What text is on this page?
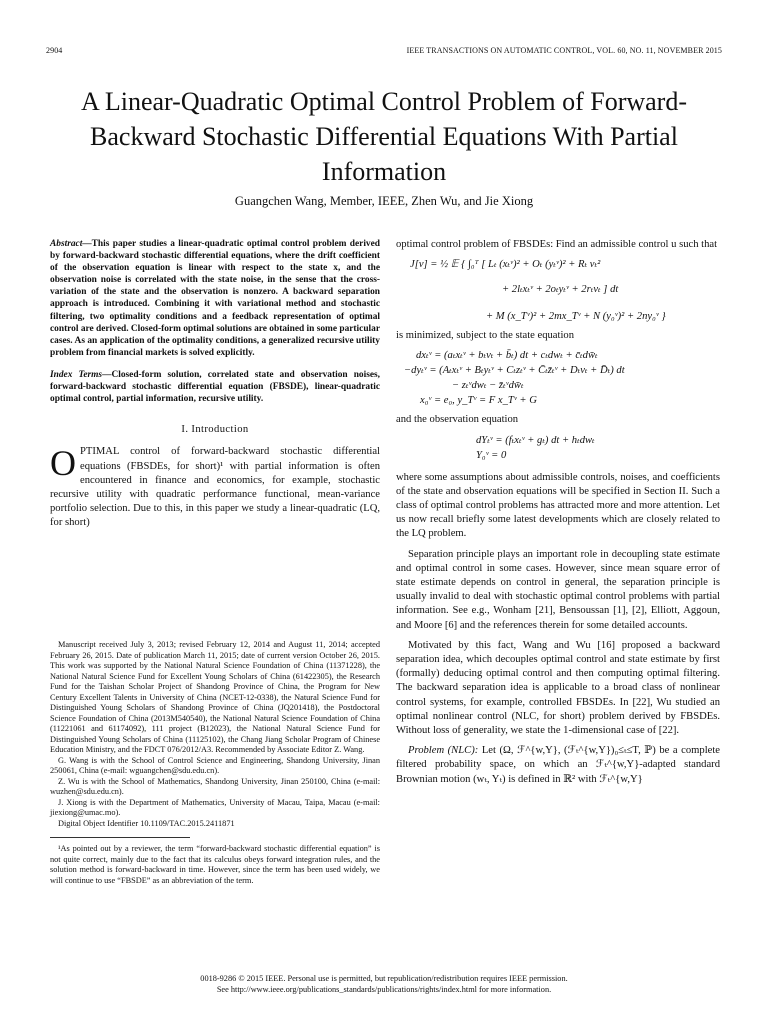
2904	IEEE TRANSACTIONS ON AUTOMATIC CONTROL, VOL. 60, NO. 11, NOVEMBER 2015
A Linear-Quadratic Optimal Control Problem of Forward-Backward Stochastic Differential Equations With Partial Information
Guangchen Wang, Member, IEEE, Zhen Wu, and Jie Xiong

Abstract—This paper studies a linear-quadratic optimal control problem derived by forward-backward stochastic differential equations, where the drift coefficient of the observation equation is linear with respect to the state x, and the observation noise is correlated with the state noise, in the sense that the cross-variation of the state and the observation is nonzero. A backward separation approach is introduced. Combining it with variational method and stochastic filtering, two optimality conditions and a feedback representation of optimal control are derived. Closed-form optimal solutions are obtained in some particular cases. As an application of the optimality conditions, a generalized recursive utility problem from financial markets is solved explicitly.

Index Terms—Closed-form solution, correlated state and observation noises, forward-backward stochastic differential equation (FBSDE), linear-quadratic optimal control, partial information, recursive utility.

I. Introduction

OPTIMAL control of forward-backward stochastic differential equations (FBSDEs, for short)¹ with partial information is often encountered in finance and economics, for example, stochastic recursive utility with quadratic performance functional, mean-variance portfolio selection. Due to this, in this paper we study a linear-quadratic (LQ, for short)

Manuscript received July 3, 2013; revised February 12, 2014 and August 11, 2014; accepted February 26, 2015. Date of publication March 11, 2015; date of current version October 26, 2015. This work was supported by the National Natural Science Foundation of China (11371228), the National Natural Science Fund for Excellent Young Scholars of China (61422305), the Research Fund for the Taishan Scholar Project of Shandong Province of China, the Program for New Century Excellent Talents in University of China (NCET-12-0338), the Natural Science Fund for Distinguished Young Scholars of Shandong Province of China (JQ201418), the Postdoctoral Science Foundation of China (2013M540540), the National Natural Science Foundation of China (11221061 and 61174092), 111 project (B12023), the National Natural Science Fund for Distinguished Young Scholars of China (11125102), the Chang Jiang Scholar Program of Chinese Education Ministry, and the FDCT 076/2012/A3. Recommended by Associate Editor Z. Wang.

G. Wang is with the School of Control Science and Engineering, Shandong University, Jinan 250061, China (e-mail: wguangchen@sdu.edu.cn).

Z. Wu is with the School of Mathematics, Shandong University, Jinan 250100, China (e-mail: wuzhen@sdu.edu.cn).

J. Xiong is with the Department of Mathematics, University of Macau, Taipa, Macau (e-mail: jiexiong@umac.mo).

Digital Object Identifier 10.1109/TAC.2015.2411871

¹As pointed out by a reviewer, the term “forward-backward stochastic differential equation” is not quite correct, mainly due to the fact that its calculus obeys forward integration rules, and the solution method is forward-backward in time. However, since the term has been used widely, we will continue to use “FBSDE” as an abbreviation of the term.

optimal control problem of FBSDEs: Find an admissible control u such that

J[v] = ½ 𝔼 { ∫₀ᵀ [ Lₜ (xₜᵛ)² + Oₜ (yₜᵛ)² + Rₜ vₜ²
+ 2lₜxₜᵛ + 2oₜyₜᵛ + 2rₜvₜ ] dt
+ M (x_Tᵛ)² + 2mx_Tᵛ + N (y₀ᵛ)² + 2ny₀ᵛ }

is minimized, subject to the state equation

dxₜᵛ = (aₜxₜᵛ + bₜvₜ + b̄ₜ) dt + cₜdwₜ + c̄ₜdw̄ₜ
−dyₜᵛ = (Aₜxₜᵛ + Bₜyₜᵛ + Cₜzₜᵛ + C̄ₜz̄ₜᵛ + Dₜvₜ + D̄ₜ) dt
− zₜᵛdwₜ − z̄ₜᵛdw̄ₜ
x₀ᵛ = e₀, y_Tᵛ = F x_Tᵛ + G

and the observation equation

dYₜᵛ = (fₜxₜᵛ + gₜ) dt + hₜdwₜ
Y₀ᵛ = 0

where some assumptions about admissible controls, noises, and coefficients of the state and observation equations will be specified in Section II. Such a class of optimal control problems has attracted more and more attention. Let us now recall briefly some latest developments which are closely related to the LQ problem.

Separation principle plays an important role in decoupling state estimate and optimal control in some cases. However, since mean square error of state estimate depends on control in general, the separation principle is usually invalid to deal with stochastic optimal control problems with partial information. See e.g., Wonham [21], Bensoussan [1], [2], Elliott, Aggoun, and Moore [6] and the references therein for some detailed accounts.

Motivated by this fact, Wang and Wu [16] proposed a backward separation idea, which decouples optimal control and state estimate by first (formally) deducing optimal control and then computing optimal filtering. The backward separation idea is applicable to a broad class of nonlinear control systems, for example, controlled FBSDEs. In [22], Wu studied an optimal nonlinear control (NLC, for short) problem derived by FBSDEs. Without loss of generality, we state the 1-dimensional case of [22].

Problem (NLC): Let (Ω, ℱ^{w,Y}, (ℱₜ^{w,Y})₀≤ₜ≤T, ℙ) be a complete filtered probability space, on which an ℱₜ^{w,Y}-adapted standard Brownian motion (wₜ, Yₜ) is defined in ℝ² with ℱₜ^{w,Y}

0018-9286 © 2015 IEEE. Personal use is permitted, but republication/redistribution requires IEEE permission.
See http://www.ieee.org/publications_standards/publications/rights/index.html for more information.
